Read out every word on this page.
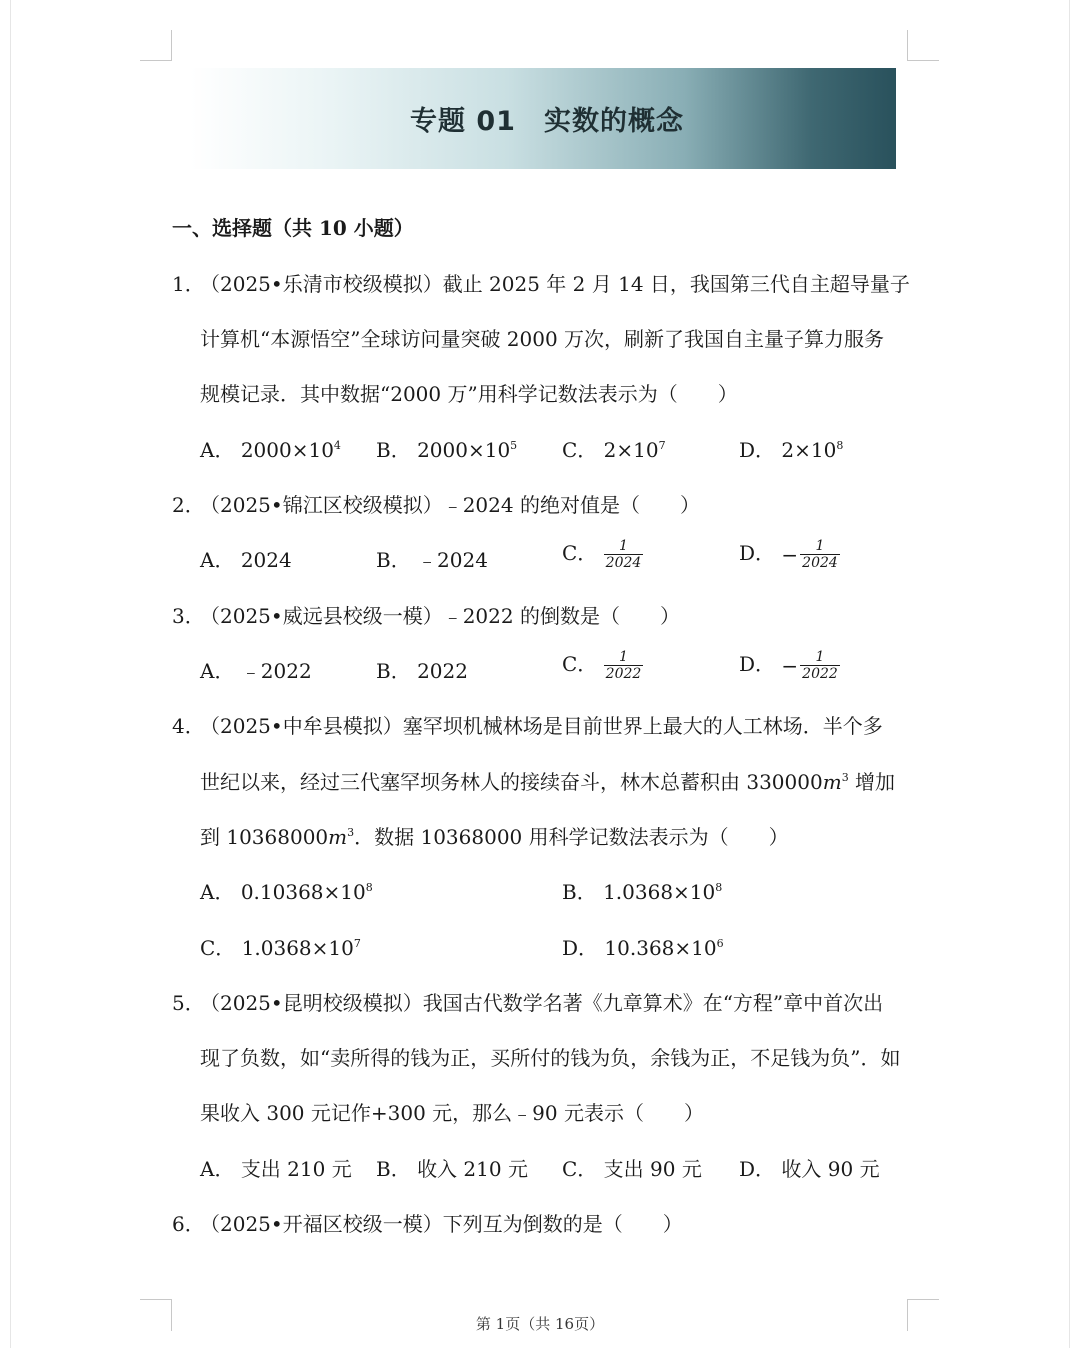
专题 01　实数的概念
一、选择题（共 10 小题）
1．（2025•乐清市校级模拟）截止 2025 年 2 月 14 日，我国第三代自主超导量子
计算机“本源悟空”全球访问量突破 2000 万次，刷新了我国自主量子算力服务
规模记录．其中数据“2000 万”用科学记数法表示为（　　）
A． $2000\times 10^4$ B． $2000\times 10^5$ C． $2\times 10^7$	D． $2\times 10^8$
2．（2025•锦江区校级模拟）﹣2024 的绝对值是（　　）
A． 2024	B． ﹣2024	C． $\frac{1}{2024}$	D． − $\frac{1}{2024}$
3．（2025•威远县校级一模）﹣2022 的倒数是（　　）
A． ﹣2022	B． 2022	C． $\frac{1}{2022}$	D． − $\frac{1}{2022}$
4．（2025•中牟县模拟）塞罕坝机械林场是目前世界上最大的人工林场．半个多
世纪以来，经过三代塞罕坝务林人的接续奋斗，林木总蓄积由 $330000m^3$ 增加
到 $10368000m^3$．数据 10368000 用科学记数法表示为（　　）
A． $0.10368\times 10^8$	B． $1.0368\times 10^8$
C． $1.0368\times 10^7$	D． $10.368\times 10^6$
5．（2025•昆明校级模拟）我国古代数学名著《九章算术》在“方程”章中首次出
现了负数，如“卖所得的钱为正，买所付的钱为负，余钱为正，不足钱为负”．如
果收入 300 元记作+300 元，那么﹣90 元表示（　　）
A． 支出 210 元 B． 收入 210 元 C． 支出 90 元 D． 收入 90 元
6．（2025•开福区校级一模）下列互为倒数的是（　　）
第 1页（共 16页）
